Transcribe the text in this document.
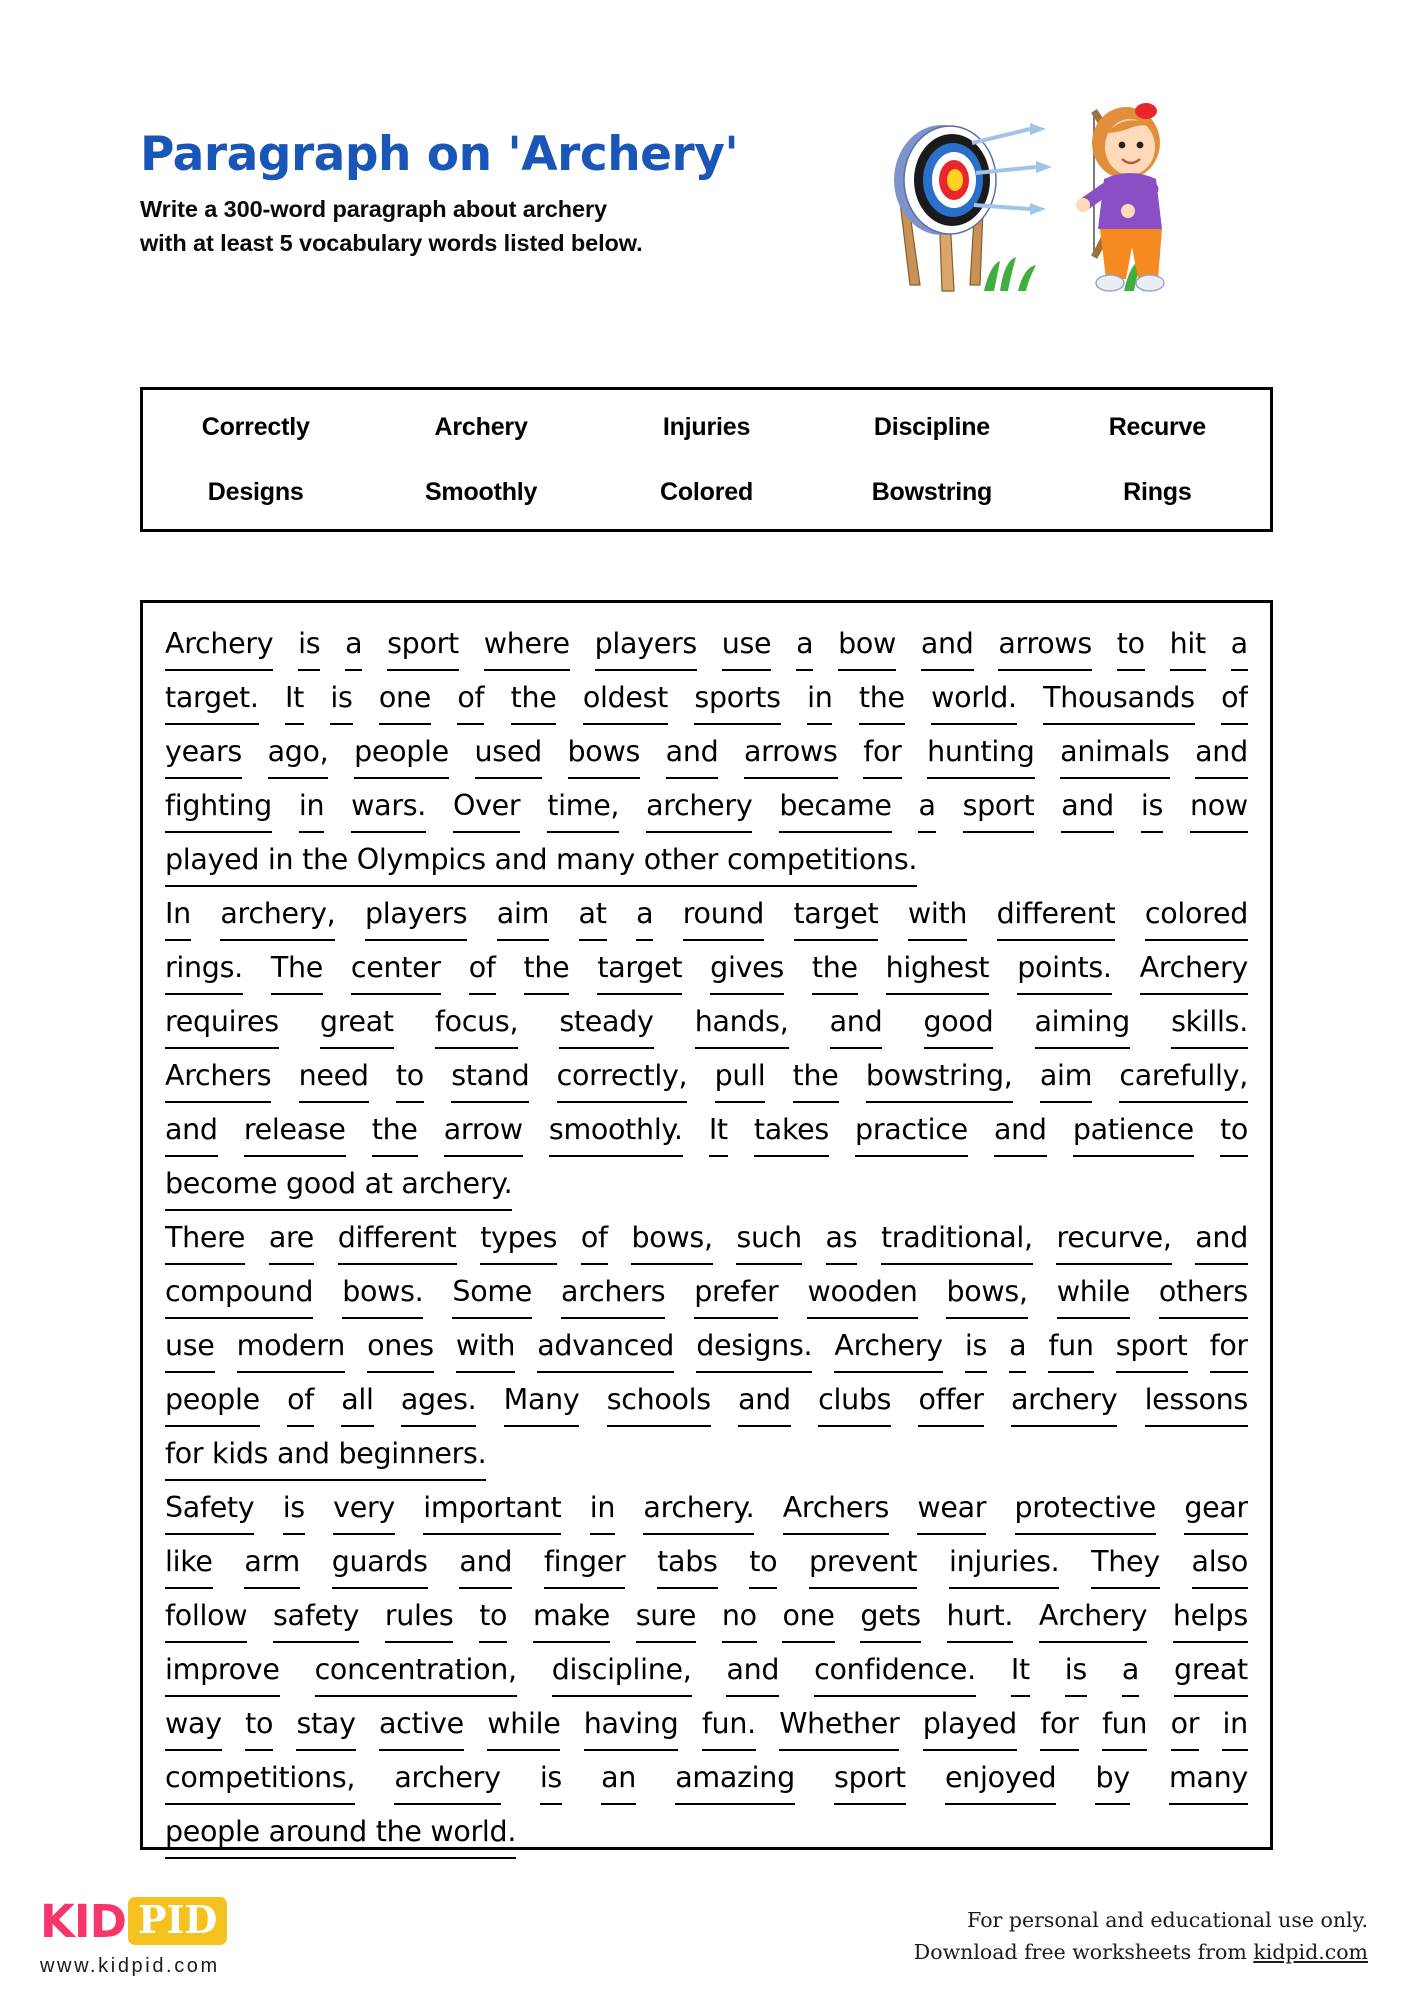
Paragraph on 'Archery'
Write a 300-word paragraph about archery
with at least 5 vocabulary words listed below.
Correctly	Archery	Injuries	Discipline	Recurve
Designs	Smoothly	Colored	Bowstring	Rings
Archery is a sport where players use a bow and arrows to hit a
target. It is one of the oldest sports in the world. Thousands of
years ago, people used bows and arrows for hunting animals and
fighting in wars. Over time, archery became a sport and is now
played in the Olympics and many other competitions.
In archery, players aim at a round target with different colored
rings. The center of the target gives the highest points. Archery
requires great focus, steady hands, and good aiming skills.
Archers need to stand correctly, pull the bowstring, aim carefully,
and release the arrow smoothly. It takes practice and patience to
become good at archery.
There are different types of bows, such as traditional, recurve, and
compound bows. Some archers prefer wooden bows, while others
use modern ones with advanced designs. Archery is a fun sport for
people of all ages. Many schools and clubs offer archery lessons
for kids and beginners.
Safety is very important in archery. Archers wear protective gear
like arm guards and finger tabs to prevent injuries. They also
follow safety rules to make sure no one gets hurt. Archery helps
improve concentration, discipline, and confidence. It is a great
way to stay active while having fun. Whether played for fun or in
competitions, archery is an amazing sport enjoyed by many
people around the world.
KID PID
www.kidpid.com
For personal and educational use only.
Download free worksheets from kidpid.com
